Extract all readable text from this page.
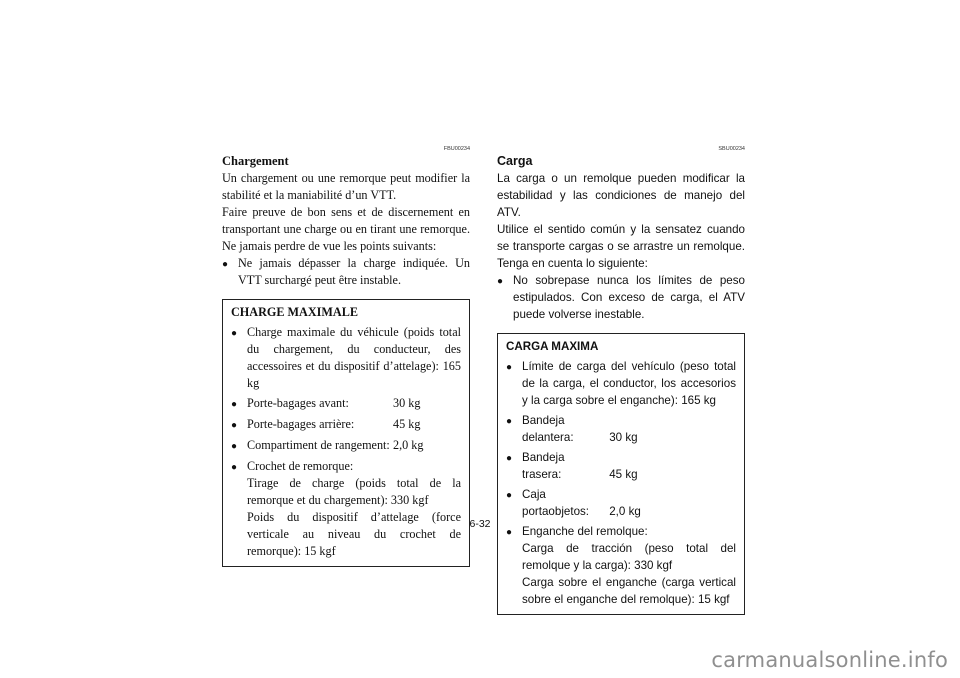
FBU00234

Chargement

Un chargement ou une remorque peut modifier la stabilité et la maniabilité d’un VTT.

Faire preuve de bon sens et de discernement en transportant une charge ou en tirant une remorque. Ne jamais perdre de vue les points suivants:

● Ne jamais dépasser la charge indiquée. Un VTT surchargé peut être instable.

CHARGE MAXIMALE

● Charge maximale du véhicule (poids total du chargement, du conducteur, des accessoires et du dispositif d’attelage): 165 kg
● Porte-bagages avant:	30 kg
● Porte-bagages arrière:	45 kg
● Compartiment de rangement: 2,0 kg
● Crochet de remorque:
Tirage de charge (poids total de la remorque et du chargement): 330 kgf
Poids du dispositif d’attelage (force verticale au niveau du crochet de remorque): 15 kgf
SBU00234

Carga

La carga o un remolque pueden modificar la estabilidad y las condiciones de manejo del ATV.

Utilice el sentido común y la sensatez cuando se transporte cargas o se arrastre un remolque. Tenga en cuenta lo siguiente:

● No sobrepase nunca los límites de peso estipulados. Con exceso de carga, el ATV puede volverse inestable.

CARGA MAXIMA

● Límite de carga del vehículo (peso total de la carga, el conductor, los accesorios y la carga sobre el enganche): 165 kg
● Bandeja delantera:	30 kg
● Bandeja trasera:	45 kg
● Caja portaobjetos: 2,0 kg
● Enganche del remolque:
Carga de tracción (peso total del remolque y la carga): 330 kgf
Carga sobre el enganche (carga vertical sobre el enganche del remolque): 15 kgf
6-32
carmanualsonline.info
